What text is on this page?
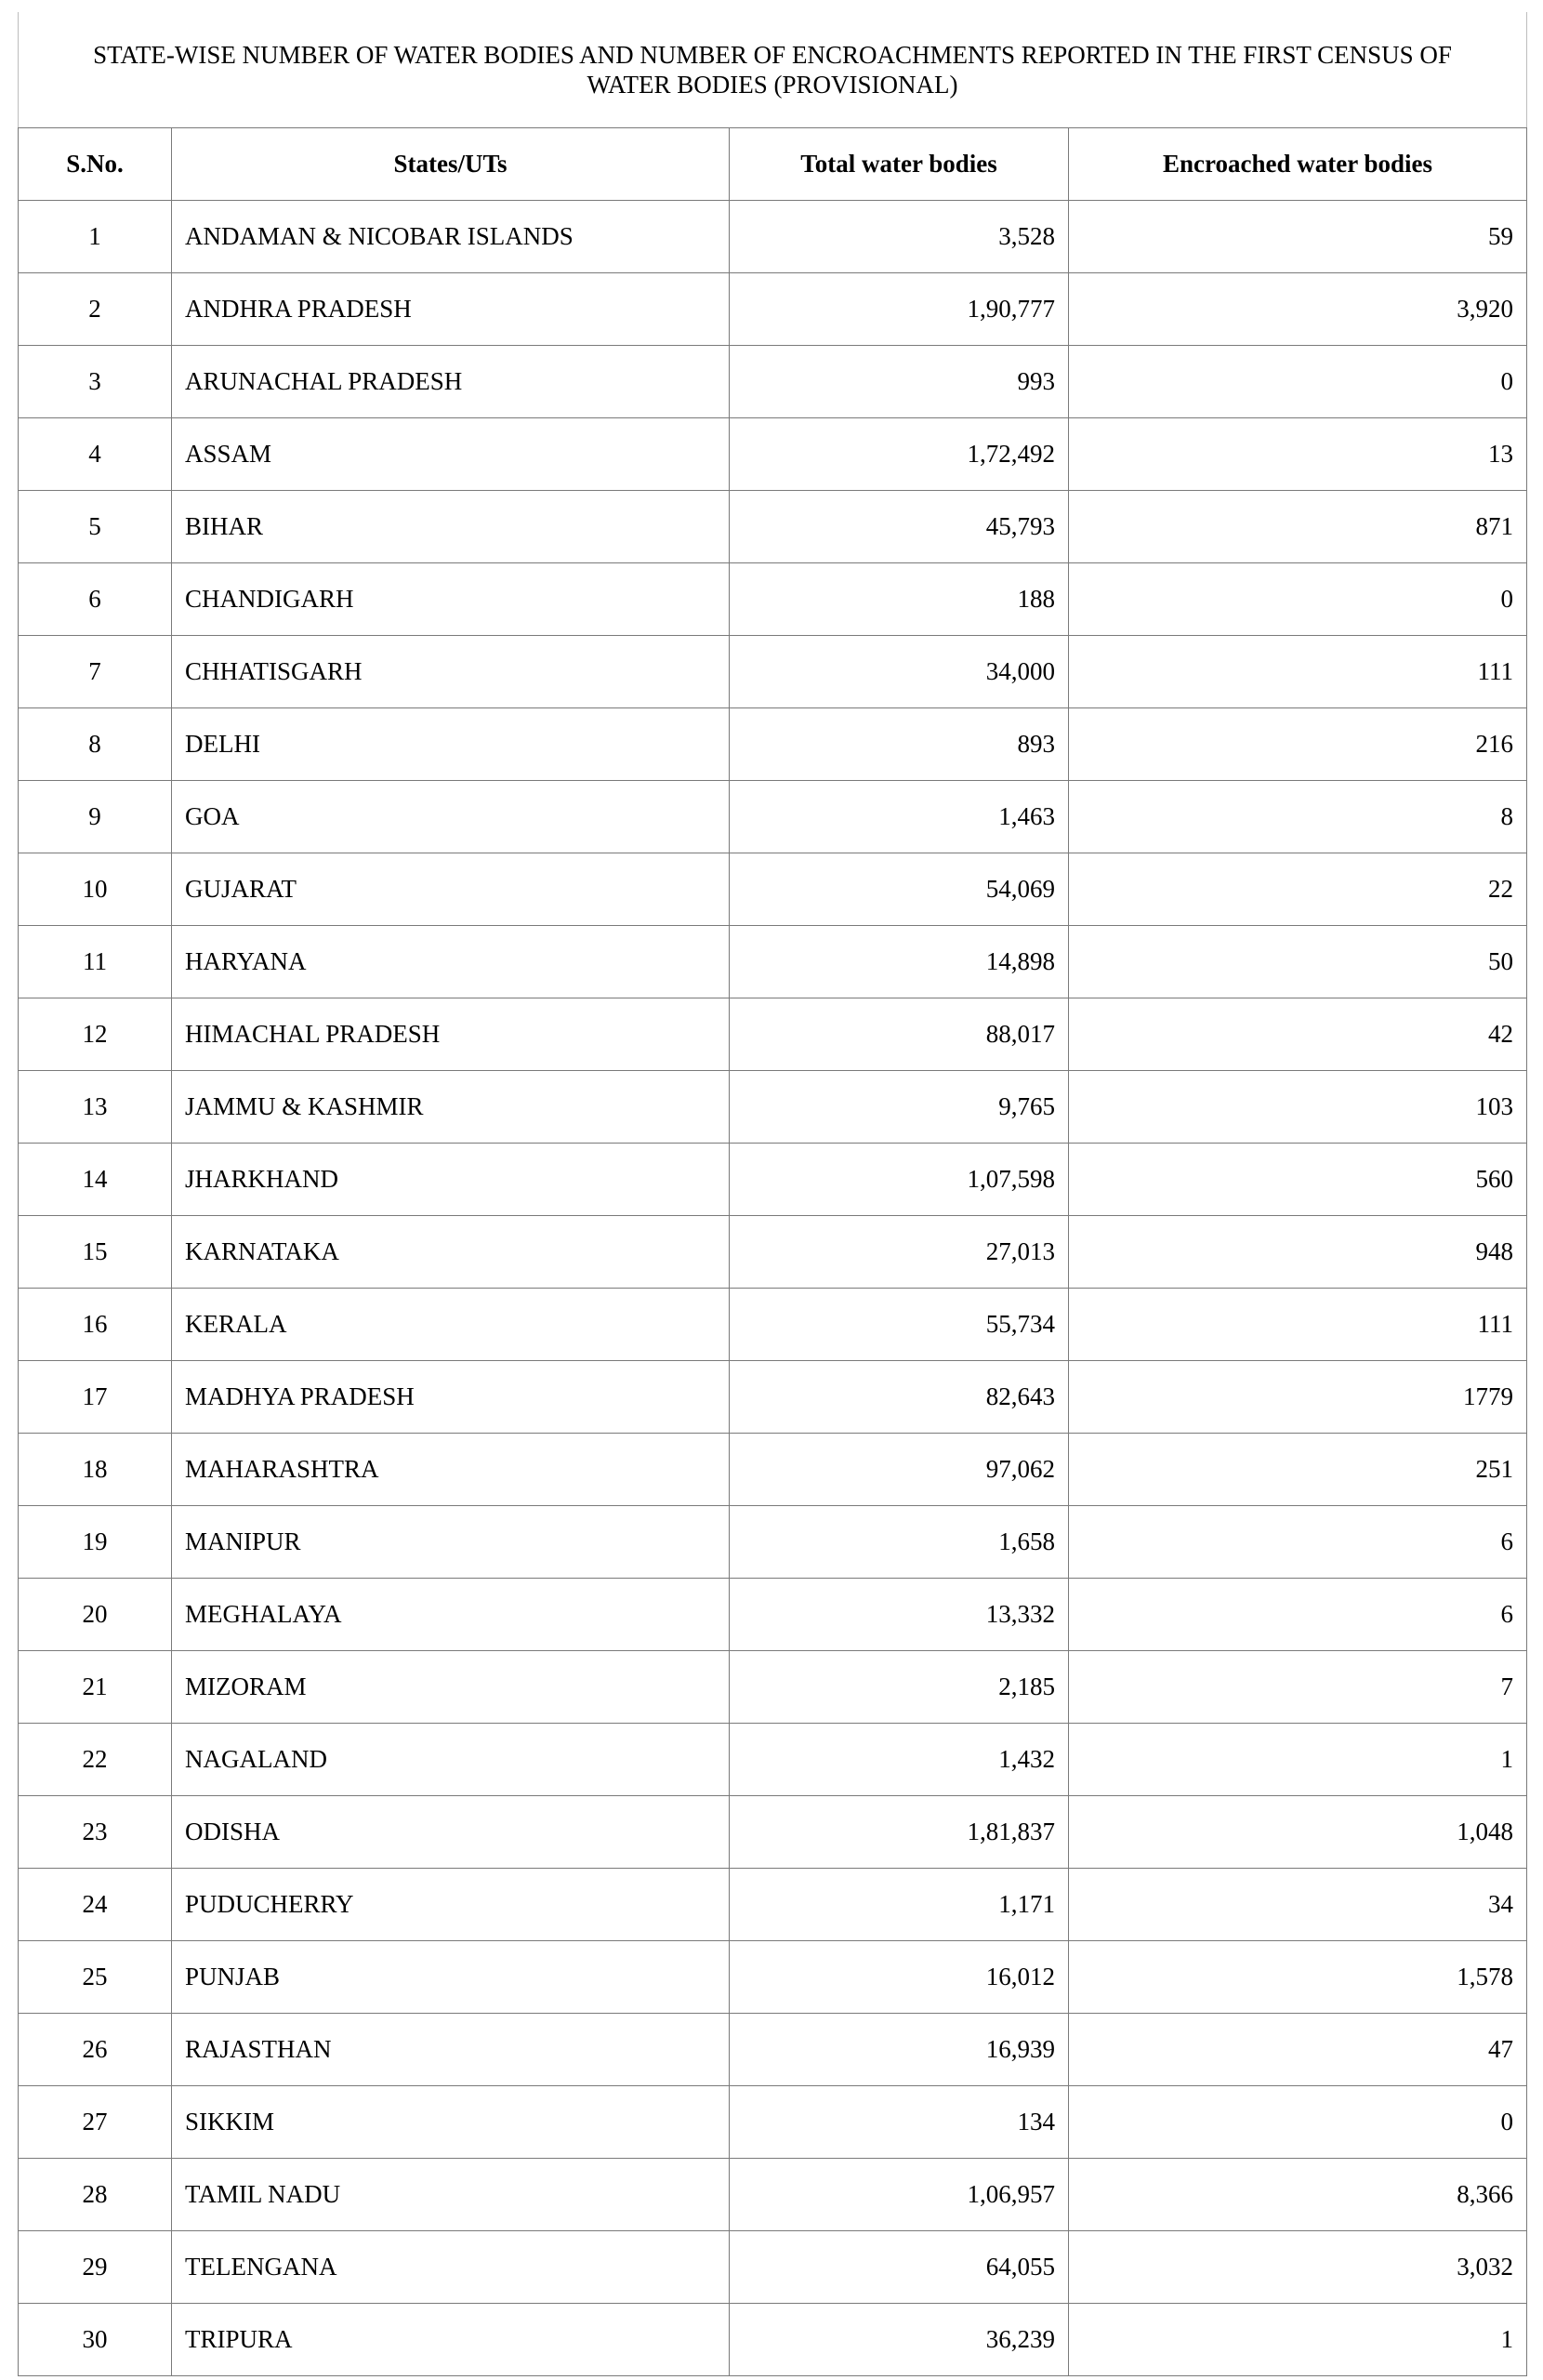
STATE-WISE NUMBER OF WATER BODIES AND NUMBER OF ENCROACHMENTS REPORTED IN THE FIRST CENSUS OF WATER BODIES (PROVISIONAL)			
S.No.	States/UTs	Total water bodies	Encroached water bodies
1	ANDAMAN & NICOBAR ISLANDS	3,528	59
2	ANDHRA PRADESH	1,90,777	3,920
3	ARUNACHAL PRADESH	993	0
4	ASSAM	1,72,492	13
5	BIHAR	45,793	871
6	CHANDIGARH	188	0
7	CHHATISGARH	34,000	111
8	DELHI	893	216
9	GOA	1,463	8
10	GUJARAT	54,069	22
11	HARYANA	14,898	50
12	HIMACHAL PRADESH	88,017	42
13	JAMMU & KASHMIR	9,765	103
14	JHARKHAND	1,07,598	560
15	KARNATAKA	27,013	948
16	KERALA	55,734	111
17	MADHYA PRADESH	82,643	1779
18	MAHARASHTRA	97,062	251
19	MANIPUR	1,658	6
20	MEGHALAYA	13,332	6
21	MIZORAM	2,185	7
22	NAGALAND	1,432	1
23	ODISHA	1,81,837	1,048
24	PUDUCHERRY	1,171	34
25	PUNJAB	16,012	1,578
26	RAJASTHAN	16,939	47
27	SIKKIM	134	0
28	TAMIL NADU	1,06,957	8,366
29	TELENGANA	64,055	3,032
30	TRIPURA	36,239	1
